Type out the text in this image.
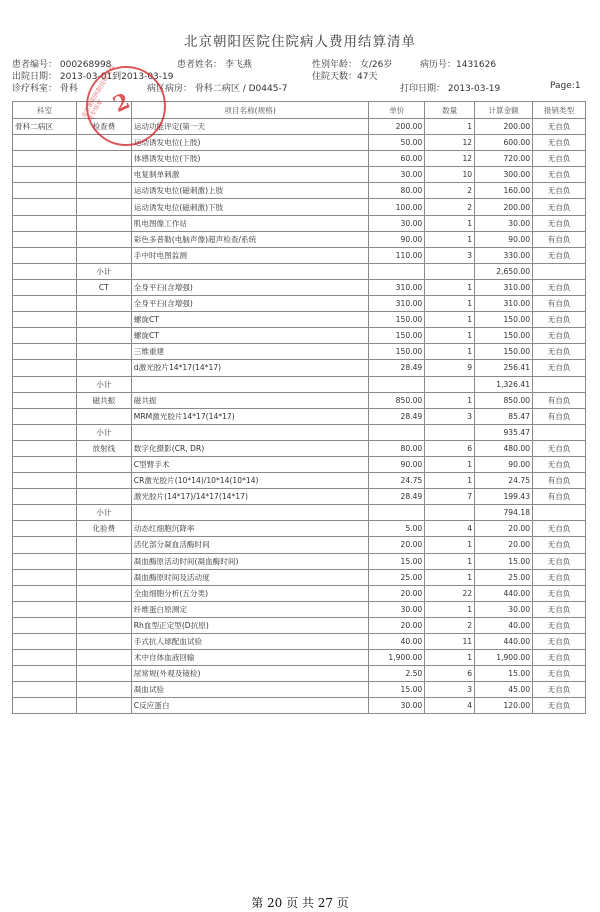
北京朝阳医院住院病人费用结算清单
患者编号： 000268998	患者姓名： 李飞燕	性别年龄： 女/26岁	病历号：1431626
出院日期： 2013-03-01到2013-03-19	住院天数：47天
诊疗科室： 骨科	病区病房： 骨科二病区 / D0445-7	打印日期： 2013-03-19	Page:1
科室		项目名称(规格)	单价	数量	计算金额	报销类型
骨科二病区	检查费	运动功能评定(第一天	200.00	1	200.00	无自负
		运动诱发电位(上肢)	50.00	12	600.00	无自负
		体感诱发电位(下肢)	60.00	12	720.00	无自负
		电复制单刺激	30.00	10	300.00	无自负
		运动诱发电位(磁刺激)上肢	80.00	2	160.00	无自负
		运动诱发电位(磁刺激)下肢	100.00	2	200.00	无自负
		肌电图像工作站	30.00	1	30.00	无自负
		彩色多普勒(电脑声像)超声检查/系统	90.00	1	90.00	有自负
		手中时电图监测	110.00	3	330.00	无自负
	小计				2,650.00	
	CT	全身平扫(含增强)	310.00	1	310.00	无自负
		全身平扫(含增强)	310.00	1	310.00	有自负
		螺旋CT	150.00	1	150.00	无自负
		螺旋CT	150.00	1	150.00	无自负
		三维重建	150.00	1	150.00	无自负
		d激光胶片14*17(14*17)	28.49	9	256.41	无自负
	小计				1,326.41	
	磁共振	磁共振	850.00	1	850.00	有自负
		MRM激光胶片14*17(14*17)	28.49	3	85.47	有自负
	小计				935.47	
	放射线	数字化摄影(CR, DR)	80.00	6	480.00	无自负
		C型臂手术	90.00	1	90.00	无自负
		CR激光胶片(10*14)/10*14(10*14)	24.75	1	24.75	有自负
		激光胶片(14*17)/14*17(14*17)	28.49	7	199.43	有自负
	小计				794.18	
	化验费	动态红细胞沉降率	5.00	4	20.00	无自负
		活化部分凝血活酶时间	20.00	1	20.00	无自负
		凝血酶原活动时间(凝血酶时间)	15.00	1	15.00	无自负
		凝血酶原时间及活动度	25.00	1	25.00	无自负
		全血细胞分析(五分类)	20.00	22	440.00	无自负
		纤维蛋白原测定	30.00	1	30.00	无自负
		Rh血型正定型(D抗原)	20.00	2	40.00	无自负
		手式抗人球配血试验	40.00	11	440.00	无自负
		术中自体血液回输	1,900.00	1	1,900.00	无自负
		尿常规(外观及镜检)	2.50	6	15.00	无自负
		凝血试验	15.00	3	45.00	无自负
		C反应蛋白	30.00	4	120.00	无自负
北京朝阳医院住院处收费专用章 2
第 20 页 共 27 页
